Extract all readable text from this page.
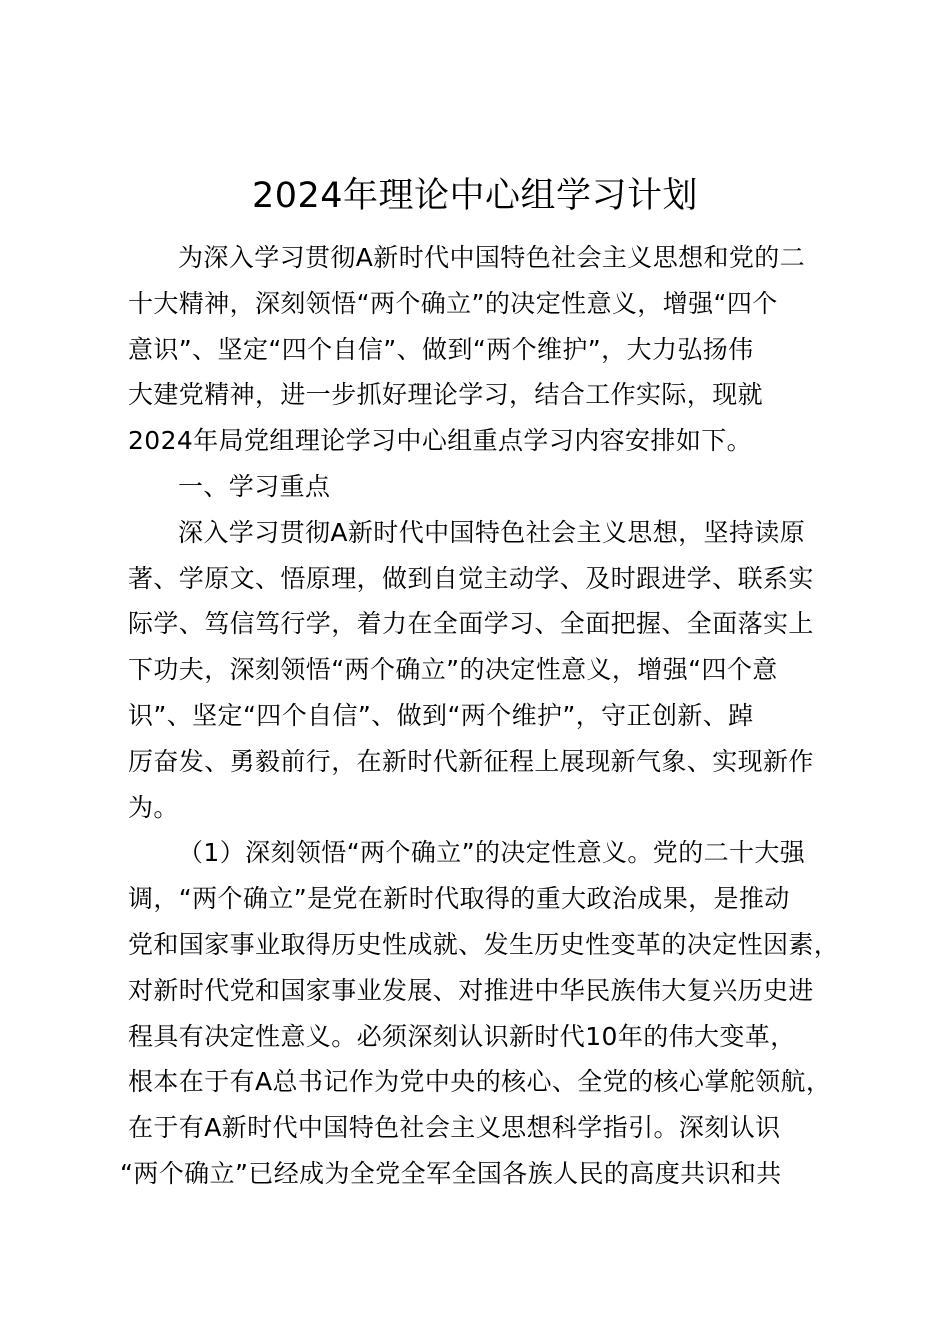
2024年理论中心组学习计划
为深入学习贯彻A新时代中国特色社会主义思想和党的二
十大精神，深刻领悟“两个确立”的决定性意义，增强“四个
意识”、坚定“四个自信”、做到“两个维护”，大力弘扬伟
大建党精神，进一步抓好理论学习，结合工作实际，现就
2024年局党组理论学习中心组重点学习内容安排如下。
一、学习重点
深入学习贯彻A新时代中国特色社会主义思想，坚持读原
著、学原文、悟原理，做到自觉主动学、及时跟进学、联系实
际学、笃信笃行学，着力在全面学习、全面把握、全面落实上
下功夫，深刻领悟“两个确立”的决定性意义，增强“四个意
识”、坚定“四个自信”、做到“两个维护”，守正创新、踔
厉奋发、勇毅前行，在新时代新征程上展现新气象、实现新作
为。
（1）深刻领悟“两个确立”的决定性意义。党的二十大强
调，“两个确立”是党在新时代取得的重大政治成果，是推动
党和国家事业取得历史性成就、发生历史性变革的决定性因素，
对新时代党和国家事业发展、对推进中华民族伟大复兴历史进
程具有决定性意义。必须深刻认识新时代10年的伟大变革，
根本在于有A总书记作为党中央的核心、全党的核心掌舵领航，
在于有A新时代中国特色社会主义思想科学指引。深刻认识
“两个确立”已经成为全党全军全国各族人民的高度共识和共
